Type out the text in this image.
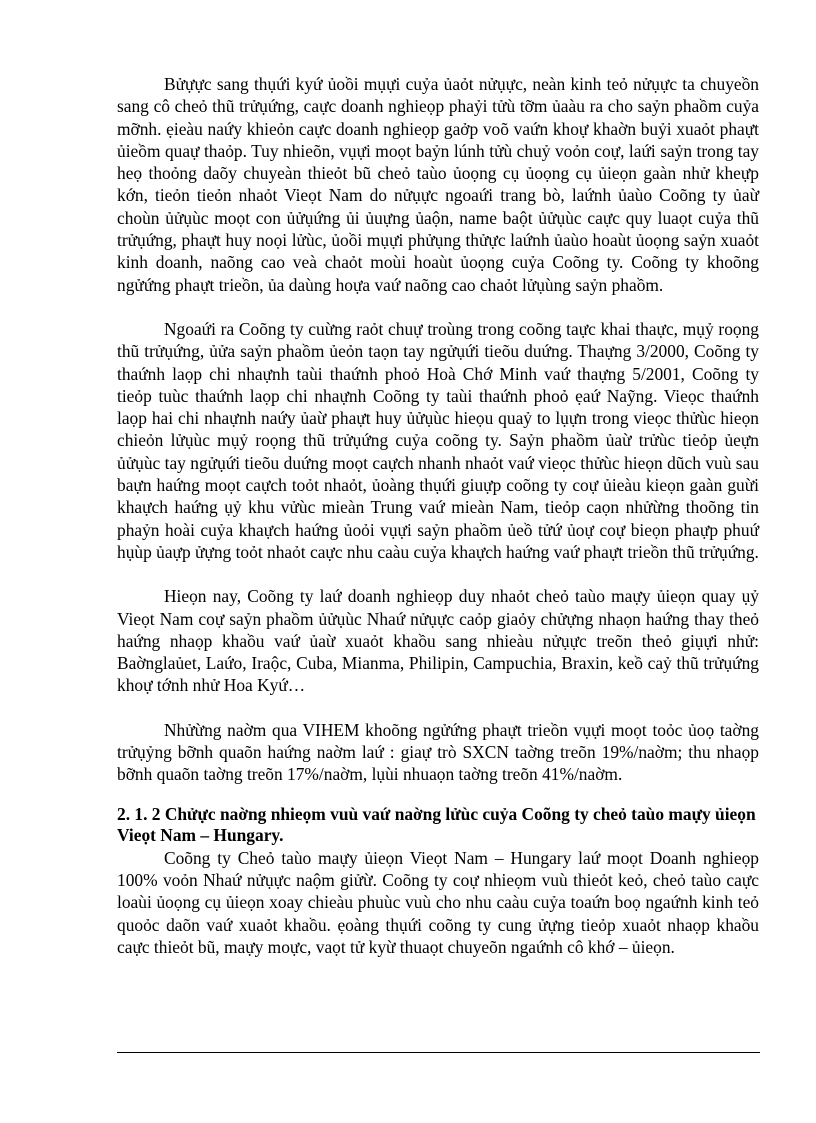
Bửựực sang thụứi kyứ ủoồi mụựi cuỷa ủaỏt nửụực, neàn kinh teỏ nửụực ta chuyeồn sang cô cheỏ thũ trửụứng, caực doanh nghieọp phaỷi tửù tỡm ủaàu ra cho saỷn phaồm cuỷa mỡnh. ẹieàu naứy khieỏn caực doanh nghieọp gaởp voõ vaứn khoự khaờn buỷi xuaỏt phaựt ủieồm quaự thaỏp. Tuy nhieõn, vụựi moọt baỷn lúnh tửù chuỷ voỏn coự, laứi saỷn trong tay heọ thoỏng daõy chuyeàn thieỏt bũ cheỏ taùo ủoọng cụ ủoọng cụ ủieọn gaàn nhử kheựp kớn, tieỏn tieỏn nhaỏt Vieọt Nam do nửụực ngoaứi trang bò, laứnh ủaùo Coõng ty ủaừ choùn ủửụùc moọt con ủửụứng ủi ủuựng ủaộn, name baột ủửụùc caực quy luaọt cuỷa thũ trửụứng, phaựt huy noọi lửùc, ủoồi mụựi phửụng thửực laứnh ủaùo hoaùt ủoọng saỷn xuaỏt kinh doanh, naõng cao veà chaỏt moùi hoaùt ủoọng cuỷa Coõng ty. Coõng ty khoõng ngửứng phaựt trieồn, ủa daùng hoựa vaứ naõng cao chaỏt lửụùng saỷn phaồm.

Ngoaứi ra Coõng ty cuừng raỏt chuự troùng trong coõng taực khai thaực, mụỷ roọng thũ trửụứng, ủửa saỷn phaồm ủeỏn taọn tay ngửụứi tieõu duứng. Thaựng 3/2000, Coõng ty thaứnh laọp chi nhaựnh taùi thaứnh phoỏ Hoà Chớ Minh vaứ thaựng 5/2001, Coõng ty tieỏp tuùc thaứnh laọp chi nhaựnh Coõng ty taùi thaứnh phoỏ ẹaứ Naỹng. Vieọc thaứnh laọp hai chi nhaựnh naứy ủaừ phaựt huy ủửụùc hieọu quaỷ to lụựn trong vieọc thửùc hieọn chieỏn lửụùc mụỷ roọng thũ trửụứng cuỷa coõng ty. Saỷn phaồm ủaừ trửùc tieỏp ủeựn ủửụùc tay ngửụứi tieõu duứng moọt caựch nhanh nhaỏt vaứ vieọc thửùc hieọn dũch vuù sau baựn haứng moọt caựch toỏt nhaỏt, ủoàng thụứi giuựp coõng ty coự ủieàu kieọn gaàn guừi khaựch haứng ụỷ khu vửùc mieàn Trung vaứ mieàn Nam, tieỏp caọn nhửừng thoõng tin phaỷn hoài cuỷa khaựch haứng ủoỏi vụựi saỷn phaồm ủeồ tửứ ủoự coự bieọn phaựp phuứ hụùp ủaựp ửựng toỏt nhaỏt caực nhu caàu cuỷa khaựch haứng vaứ phaựt trieồn thũ trửụứng.

Hieọn nay, Coõng ty laứ doanh nghieọp duy nhaỏt cheỏ taùo maựy ủieọn quay ụỷ Vieọt Nam coự saỷn phaồm ủửụùc Nhaứ nửụực caỏp giaỏy chửựng nhaọn haứng thay theỏ haứng nhaọp khaồu vaứ ủaừ xuaỏt khaồu sang nhieàu nửụực treõn theỏ giụựi nhử: Baờnglaủet, Laứo, Iraộc, Cuba, Mianma, Philipin, Campuchia, Braxin, keồ caỷ thũ trửụứng khoự tớnh nhử Hoa Kyứ…

Nhửừng naờm qua VIHEM khoõng ngửứng phaựt trieồn vụựi moọt toỏc ủoọ taờng trửụỷng bỡnh quaõn haứng naờm laứ : giaự trò SXCN taờng treõn 19%/naờm; thu nhaọp bỡnh quaõn taờng treõn 17%/naờm, lụùi nhuaọn taờng treõn 41%/naờm.

2. 1. 2 Chửực naờng nhieọm vuù vaứ naờng lửùc cuỷa Coõng ty cheỏ taùo maựy ủieọn Vieọt Nam – Hungary.

Coõng ty Cheỏ taùo maựy ủieọn Vieọt Nam – Hungary laứ moọt Doanh nghieọp 100% voỏn Nhaứ nửụực naộm giửừ. Coõng ty coự nhieọm vuù thieỏt keỏ, cheỏ taùo caực loaùi ủoọng cụ ủieọn xoay chieàu phuùc vuù cho nhu caàu cuỷa toaứn boọ ngaứnh kinh teỏ quoỏc daõn vaứ xuaỏt khaồu. ẹoàng thụứi coõng ty cung ửựng tieỏp xuaỏt nhaọp khaồu caực thieỏt bũ, maựy moực, vaọt tử kyừ thuaọt chuyeõn ngaứnh cô khớ – ủieọn.
